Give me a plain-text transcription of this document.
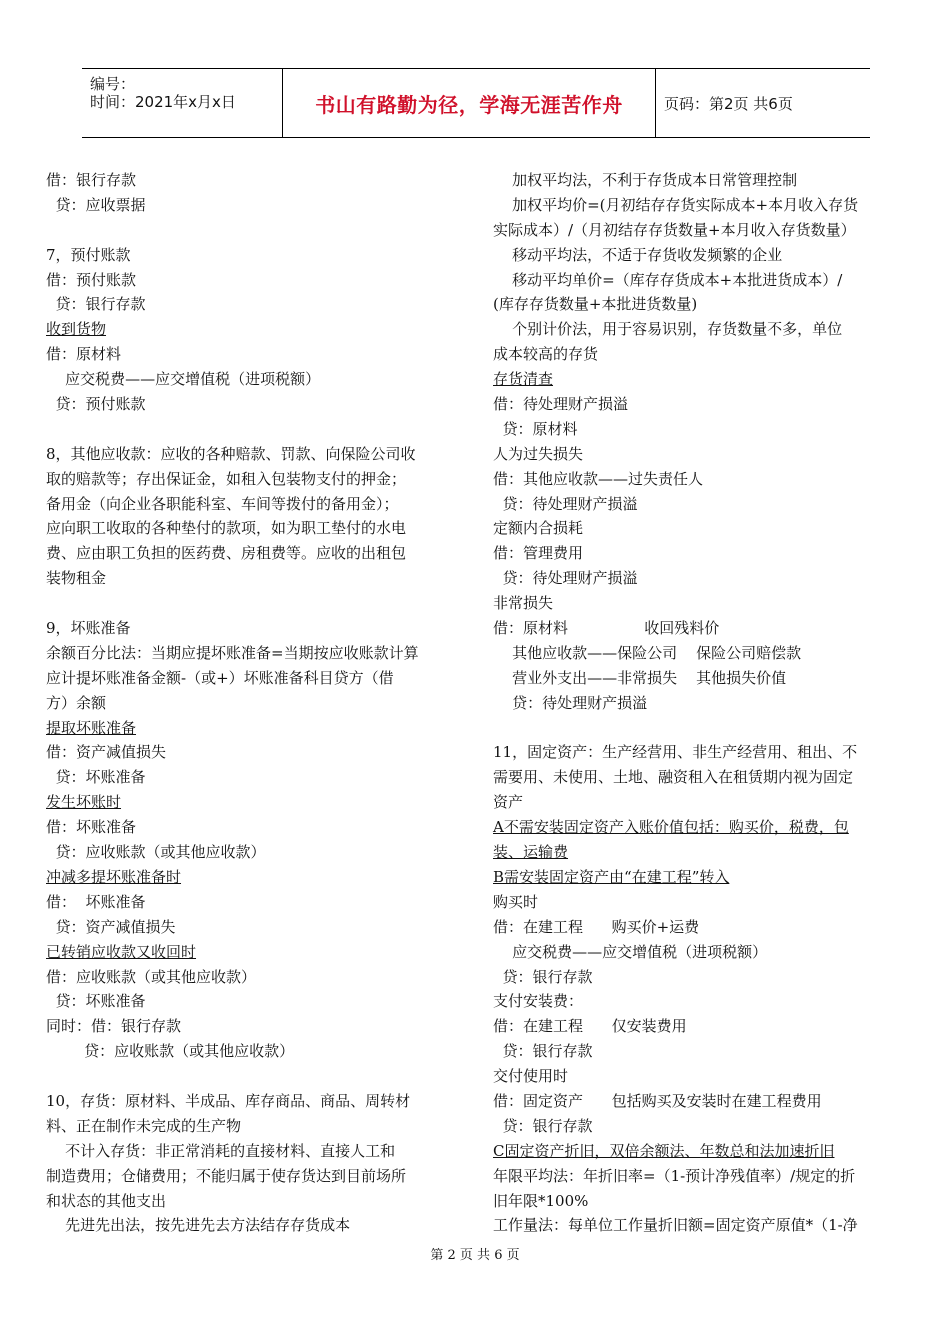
编号：
时间：2021年x月x日	书山有路勤为径，学海无涯苦作舟	页码：第2页 共6页
借：银行存款
贷：应收票据
7，预付账款
借：预付账款
贷：银行存款
收到货物
借：原材料
应交税费——应交增值税（进项税额）
贷：预付账款
8，其他应收款：应收的各种赔款、罚款、向保险公司收
取的赔款等；存出保证金，如租入包装物支付的押金；
备用金（向企业各职能科室、车间等拨付的备用金）；
应向职工收取的各种垫付的款项，如为职工垫付的水电
费、应由职工负担的医药费、房租费等。应收的出租包
装物租金
9，坏账准备
余额百分比法：当期应提坏账准备=当期按应收账款计算
应计提坏账准备金额-（或+）坏账准备科目贷方（借
方）余额
提取坏账准备
借：资产减值损失
贷：坏账准备
发生坏账时
借：坏账准备
贷：应收账款（或其他应收款）
冲减多提坏账准备时
借：  坏账准备
贷：资产减值损失
已转销应收款又收回时
借：应收账款（或其他应收款）
贷：坏账准备
同时：借：银行存款
贷：应收账款（或其他应收款）
10，存货：原材料、半成品、库存商品、商品、周转材
料、正在制作未完成的生产物
不计入存货：非正常消耗的直接材料、直接人工和
制造费用；仓储费用；不能归属于使存货达到目前场所
和状态的其他支出
先进先出法，按先进先去方法结存存货成本
加权平均法，不利于存货成本日常管理控制
加权平均价=(月初结存存货实际成本+本月收入存货
实际成本）/（月初结存存货数量+本月收入存货数量）
移动平均法，不适于存货收发频繁的企业
移动平均单价=（库存存货成本+本批进货成本）/
(库存存货数量+本批进货数量)
个别计价法，用于容易识别，存货数量不多，单位
成本较高的存货
存货清查
借：待处理财产损溢
贷：原材料
人为过失损失
借：其他应收款——过失责任人
贷：待处理财产损溢
定额内合损耗
借：管理费用
贷：待处理财产损溢
非常损失
借：原材料                收回残料价
其他应收款——保险公司    保险公司赔偿款
营业外支出——非常损失    其他损失价值
贷：待处理财产损溢
11，固定资产：生产经营用、非生产经营用、租出、不
需要用、未使用、土地、融资租入在租赁期内视为固定
资产
A不需安装固定资产入账价值包括：购买价，税费，包
装、运输费
B需安装固定资产由“在建工程”转入
购买时
借：在建工程      购买价+运费
应交税费——应交增值税（进项税额）
贷：银行存款
支付安装费：
借：在建工程      仅安装费用
贷：银行存款
交付使用时
借：固定资产      包括购买及安装时在建工程费用
贷：银行存款
C固定资产折旧，双倍余额法、年数总和法加速折旧
年限平均法：年折旧率=（1-预计净残值率）/规定的折
旧年限*100%
工作量法：每单位工作量折旧额=固定资产原值*（1-净
第 2 页 共 6 页
